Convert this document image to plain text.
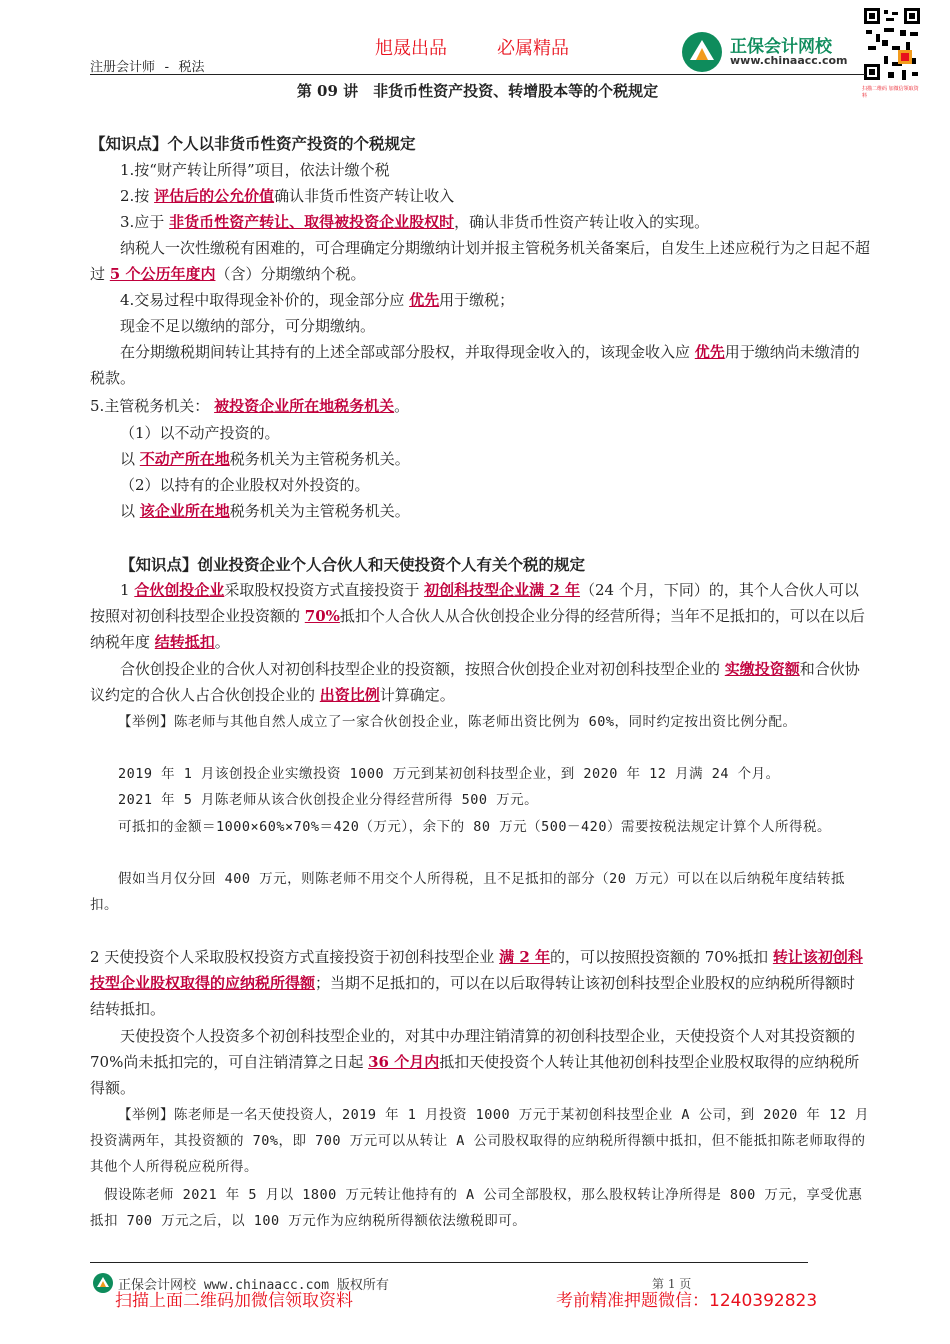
旭晟出品	必属精品
注册会计师 - 税法
正保会计网校
www.chinaacc.com
扫描二维码 加微信领取资料
第 09 讲　非货币性资产投资、转增股本等的个税规定
【知识点】个人以非货币性资产投资的个税规定
1.按“财产转让所得”项目，依法计缴个税
2.按 评估后的公允价值确认非货币性资产转让收入
3.应于 非货币性资产转让、取得被投资企业股权时，确认非货币性资产转让收入的实现。
纳税人一次性缴税有困难的，可合理确定分期缴纳计划并报主管税务机关备案后，自发生上述应税行为之日起不超过 5 个公历年度内（含）分期缴纳个税。
4.交易过程中取得现金补价的，现金部分应 优先用于缴税；
现金不足以缴纳的部分，可分期缴纳。
在分期缴税期间转让其持有的上述全部或部分股权，并取得现金收入的，该现金收入应 优先用于缴纳尚未缴清的税款。
5.主管税务机关： 被投资企业所在地税务机关。
（1）以不动产投资的。
以 不动产所在地税务机关为主管税务机关。
（2）以持有的企业股权对外投资的。
以 该企业所在地税务机关为主管税务机关。
【知识点】创业投资企业个人合伙人和天使投资个人有关个税的规定
1 合伙创投企业采取股权投资方式直接投资于 初创科技型企业满 2 年（24 个月，下同）的，其个人合伙人可以按照对初创科技型企业投资额的 70%抵扣个人合伙人从合伙创投企业分得的经营所得；当年不足抵扣的，可以在以后纳税年度 结转抵扣。
合伙创投企业的合伙人对初创科技型企业的投资额，按照合伙创投企业对初创科技型企业的 实缴投资额和合伙协议约定的合伙人占合伙创投企业的 出资比例计算确定。
【举例】陈老师与其他自然人成立了一家合伙创投企业，陈老师出资比例为 60%，同时约定按出资比例分配。
2019 年 1 月该创投企业实缴投资 1000 万元到某初创科技型企业，到 2020 年 12 月满 24 个月。
2021 年 5 月陈老师从该合伙创投企业分得经营所得 500 万元。
可抵扣的金额＝1000×60%×70%＝420（万元），余下的 80 万元（500－420）需要按税法规定计算个人所得税。
假如当月仅分回 400 万元，则陈老师不用交个人所得税，且不足抵扣的部分（20 万元）可以在以后纳税年度结转抵扣。
2 天使投资个人采取股权投资方式直接投资于初创科技型企业 满 2 年的，可以按照投资额的 70%抵扣 转让该初创科技型企业股权取得的应纳税所得额；当期不足抵扣的，可以在以后取得转让该初创科技型企业股权的应纳税所得额时结转抵扣。
天使投资个人投资多个初创科技型企业的，对其中办理注销清算的初创科技型企业，天使投资个人对其投资额的 70%尚未抵扣完的，可自注销清算之日起 36 个月内抵扣天使投资个人转让其他初创科技型企业股权取得的应纳税所得额。
【举例】陈老师是一名天使投资人，2019 年 1 月投资 1000 万元于某初创科技型企业 A 公司，到 2020 年 12 月投资满两年，其投资额的 70%，即 700 万元可以从转让 A 公司股权取得的应纳税所得额中抵扣，但不能抵扣陈老师取得的其他个人所得税应税所得。
假设陈老师 2021 年 5 月以 1800 万元转让他持有的 A 公司全部股权，那么股权转让净所得是 800 万元，享受优惠抵扣 700 万元之后，以 100 万元作为应纳税所得额依法缴税即可。
正保会计网校 www.chinaacc.com 版权所有	第 1 页
扫描上面二维码加微信领取资料	考前精准押题微信：1240392823
